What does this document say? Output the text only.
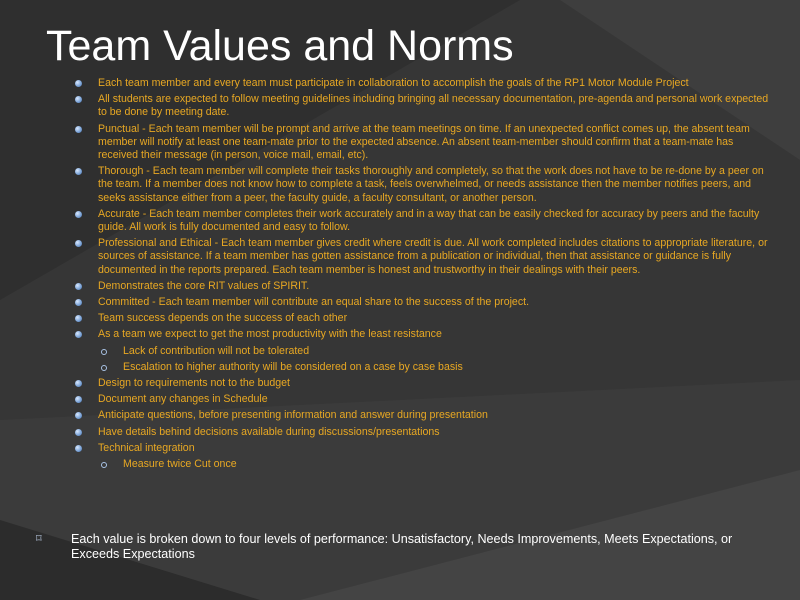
Team Values and Norms
Each team member and every team must participate in collaboration to accomplish the goals of the RP1 Motor Module Project
All students are expected to follow meeting guidelines including bringing all necessary documentation, pre-agenda and personal work expected to be done by meeting date.
Punctual - Each team member will be prompt and arrive at the team meetings on time. If an unexpected conflict comes up, the absent team member will notify at least one team-mate prior to the expected absence. An absent team-member should confirm that a team-mate has received their message (in person, voice mail, email, etc).
Thorough - Each team member will complete their tasks thoroughly and completely, so that the work does not have to be re-done by a peer on the team. If a member does not know how to complete a task, feels overwhelmed, or needs assistance then the member notifies peers, and seeks assistance either from a peer, the faculty guide, a faculty consultant, or another person.
Accurate - Each team member completes their work accurately and in a way that can be easily checked for accuracy by peers and the faculty guide. All work is fully documented and easy to follow.
Professional and Ethical - Each team member gives credit where credit is due. All work completed includes citations to appropriate literature, or sources of assistance. If a team member has gotten assistance from a publication or individual, then that assistance or guidance is fully documented in the reports prepared. Each team member is honest and trustworthy in their dealings with their peers.
Demonstrates the core RIT values of SPIRIT.
Committed - Each team member will contribute an equal share to the success of the project.
Team success depends on the success of each other
As a team we expect to get the most productivity with the least resistance
Lack of contribution will not be tolerated
Escalation to higher authority will be considered on a case by case basis
Design to requirements not to the budget
Document any changes in Schedule
Anticipate questions, before presenting information and answer during presentation
Have details behind decisions available during discussions/presentations
Technical integration
Measure twice Cut once
⌑ Each value is broken down to four levels of performance: Unsatisfactory, Needs Improvements, Meets Expectations, or Exceeds Expectations
